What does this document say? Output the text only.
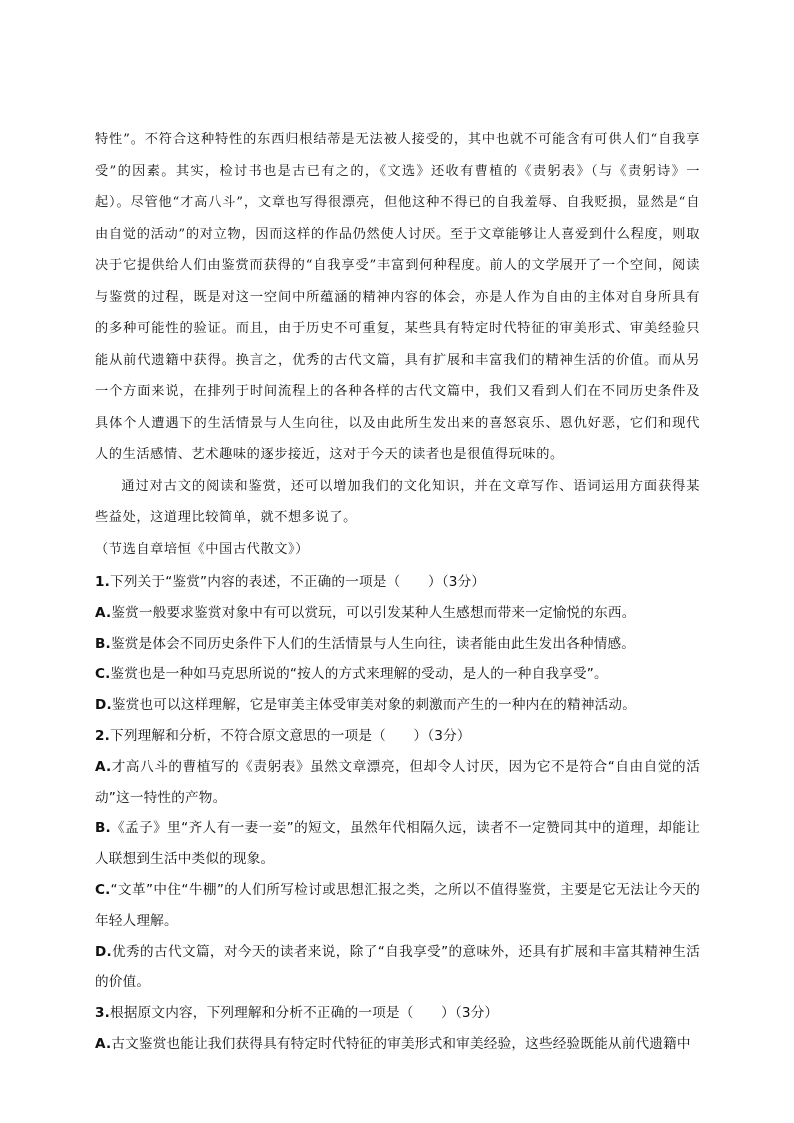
特性”。不符合这种特性的东西归根结蒂是无法被人接受的，其中也就不可能含有可供人们“自我享受”的因素。其实，检讨书也是古已有之的，《文选》还收有曹植的《责躬表》（与《责躬诗》一起）。尽管他“才高八斗”，文章也写得很漂亮，但他这种不得已的自我羞辱、自我贬损，显然是“自由自觉的活动”的对立物，因而这样的作品仍然使人讨厌。至于文章能够让人喜爱到什么程度，则取决于它提供给人们由鉴赏而获得的“自我享受”丰富到何种程度。前人的文学展开了一个空间，阅读与鉴赏的过程，既是对这一空间中所蕴涵的精神内容的体会，亦是人作为自由的主体对自身所具有的多种可能性的验证。而且，由于历史不可重复，某些具有特定时代特征的审美形式、审美经验只能从前代遗籍中获得。换言之，优秀的古代文篇，具有扩展和丰富我们的精神生活的价值。而从另一个方面来说，在排列于时间流程上的各种各样的古代文篇中，我们又看到人们在不同历史条件及具体个人遭遇下的生活情景与人生向往，以及由此所生发出来的喜怒哀乐、恩仇好恶，它们和现代人的生活感情、艺术趣味的逐步接近，这对于今天的读者也是很值得玩味的。

通过对古文的阅读和鉴赏，还可以增加我们的文化知识，并在文章写作、语词运用方面获得某些益处，这道理比较简单，就不想多说了。

（节选自章培恒《中国古代散文》）

1.下列关于“鉴赏”内容的表述，不正确的一项是（　　）（3分）

A.鉴赏一般要求鉴赏对象中有可以赏玩，可以引发某种人生感想而带来一定愉悦的东西。

B.鉴赏是体会不同历史条件下人们的生活情景与人生向往，读者能由此生发出各种情感。

C.鉴赏也是一种如马克思所说的“按人的方式来理解的受动，是人的一种自我享受”。

D.鉴赏也可以这样理解，它是审美主体受审美对象的刺激而产生的一种内在的精神活动。

2.下列理解和分析，不符合原文意思的一项是（　　）（3分）

A.才高八斗的曹植写的《责躬表》虽然文章漂亮，但却令人讨厌，因为它不是符合“自由自觉的活动”这一特性的产物。

B.《孟子》里“齐人有一妻一妾”的短文，虽然年代相隔久远，读者不一定赞同其中的道理，却能让人联想到生活中类似的现象。

C.“文革”中住“牛棚”的人们所写检讨或思想汇报之类，之所以不值得鉴赏，主要是它无法让今天的年轻人理解。

D.优秀的古代文篇，对今天的读者来说，除了“自我享受”的意味外，还具有扩展和丰富其精神生活的价值。

3.根据原文内容，下列理解和分析不正确的一项是（　　）（3分）

A.古文鉴赏也能让我们获得具有特定时代特征的审美形式和审美经验，这些经验既能从前代遗籍中
